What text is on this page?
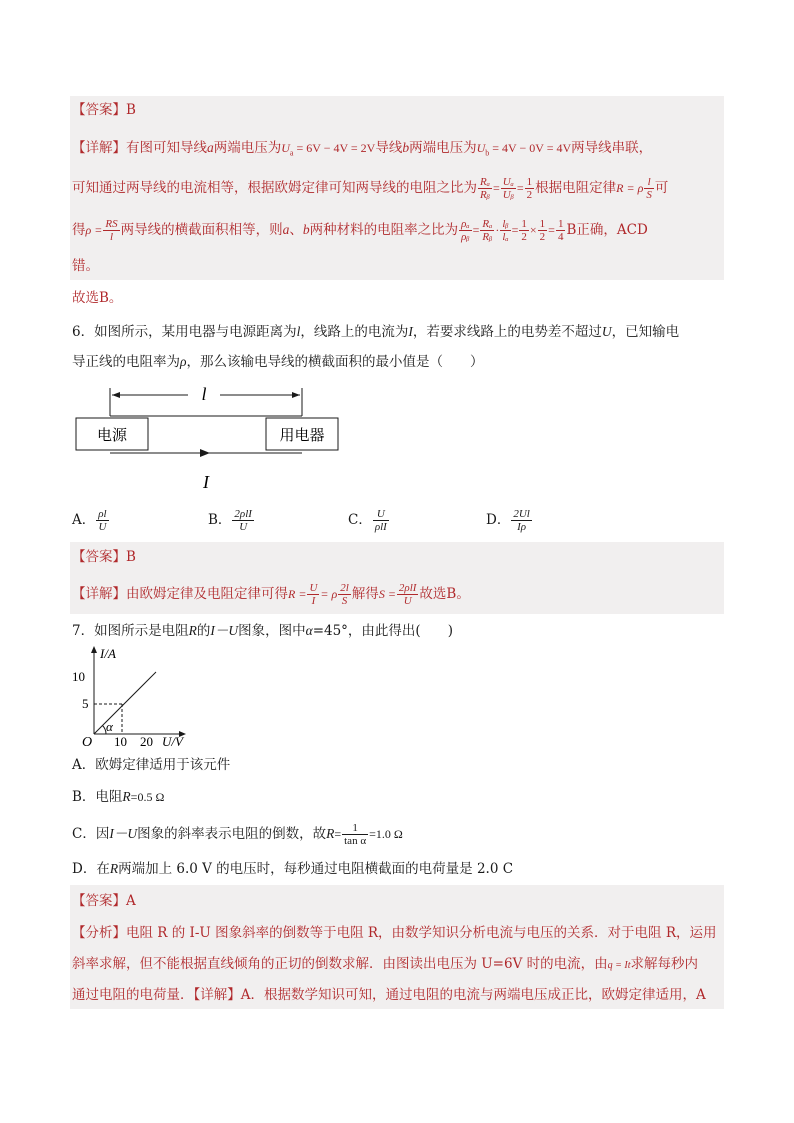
【答案】B
【详解】有图可知导线a两端电压为$U_a = 6V - 4V = 2V$导线b两端电压为$U_b = 4V - 0V = 4V$两导线串联，
可知通过两导线的电流相等，根据欧姆定律可知两导线的电阻之比为 $\frac{\text{Rₐ}}{\text{Rᵦ}} = \frac{\text{Uₐ}}{\text{Uᵦ}} = \frac{1}{2}$ 根据电阻定律R = ρ $\frac{l}{S}$ 可
得$\rho = \frac{RS}{l}$ 两导线的横截面积相等，则a、b两种材料的电阻率之比为 $\frac{\text{ρₐ}}{\text{ρᵦ}} = \frac{\text{Rₐ}}{\text{Rᵦ}} \cdot \frac{\text{lᵦ}}{\text{lₐ}} = \frac{1}{2} \times \frac{1}{2} = \frac{1}{4}$ B正确，ACD
错。
故选B。
6．如图所示，某用电器与电源距离为l，线路上的电流为I，若要求线路上的电势差不超过U，已知输电
导正线的电阻率为ρ，那么该输电导线的横截面积的最小值是（　　）
l
电源	用电器
I
A． $\frac{\rho l}{U}$	B． $\frac{\text{2ρlI}}{U}$	C． $\frac{U}{\text{ρlI}}$	D． $\frac{2Ul}{I\rho}$
【答案】B
【详解】由欧姆定律及电阻定律可得$R = \frac{U}{I} = \rho \frac{2l}{S}$ 解得$S = \frac{\text{2ρlI}}{U}$ 故选B。
7．如图所示是电阻R的I－U图象，图中α=45°，由此得出(　　)
α
I/A
10
5
O 10 20 U/V
A．欧姆定律适用于该元件
B．电阻R=0.5 Ω
C．因I－U图象的斜率表示电阻的倒数，故$R= \frac{1}{\text{tan α}} =1.0$ Ω
D．在R两端加上 6.0 V 的电压时，每秒通过电阻横截面的电荷量是 2.0 C
【答案】A
【分析】电阻 R 的 I-U 图象斜率的倒数等于电阻 R，由数学知识分析电流与电压的关系．对于电阻 R，运用
斜率求解，但不能根据直线倾角的正切的倒数求解．由图读出电压为 U=6V 时的电流，由q = It求解每秒内
通过电阻的电荷量．【详解】A．根据数学知识可知，通过电阻的电流与两端电压成正比，欧姆定律适用，A
